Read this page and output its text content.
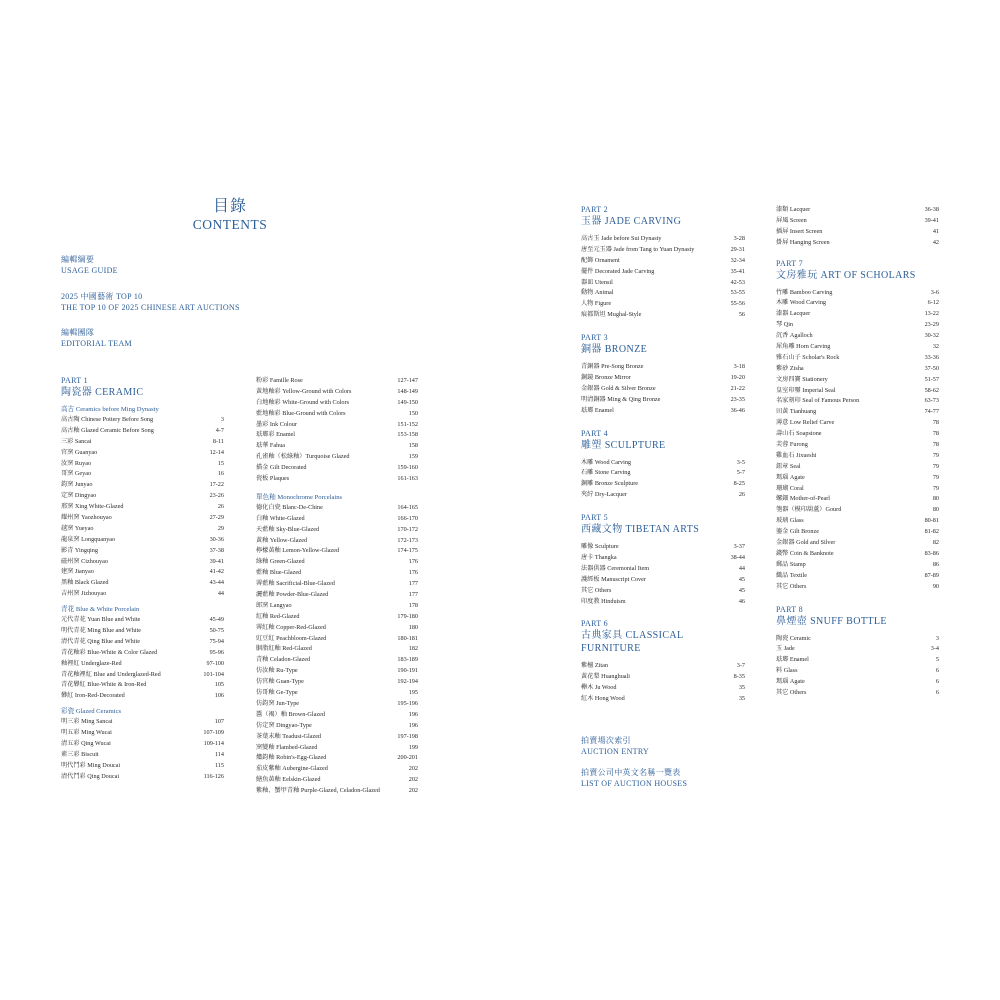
目錄
CONTENTS
編輯綱要
USAGE GUIDE
2025 中國藝術 TOP 10
THE TOP 10 OF 2025 CHINESE ART AUCTIONS
編輯團隊
EDITORIAL TEAM
PART 1
陶瓷器 CERAMIC
高古 Ceramics before Ming Dynasty
高古陶 Chinese Pottery Before Song	3
高古釉 Glazed Ceramic Before Song	4-7
三彩 Sancai	8-11
官窯 Guanyao	12-14
汝窯 Ruyao	15
哥窯 Geyao	16
鈞窯 Junyao	17-22
定窯 Dingyao	23-26
邢窯 Xing White-Glazed	26
耀州窯 Yaozhouyao	27-29
越窯 Yueyao	29
龍泉窯 Longquanyao	30-36
影青 Yingqing	37-38
磁州窯 Cizhouyao	39-41
建窯 Jianyao	41-42
黑釉 Black Glazed	43-44
吉州窯 Jizhouyao	44
青花 Blue & White Porcelain
元代青花 Yuan Blue and White	45-49
明代青花 Ming Blue and White	50-75
清代青花 Qing Blue and White	75-94
青花釉彩 Blue-White & Color Glazed	95-96
釉裡紅 Underglaze-Red	97-100
青花釉裡紅 Blue and Underglazed-Red	101-104
青花礬紅 Blue-White & Iron-Red	105
礬紅 Iron-Red-Decorated	106
彩瓷 Glazed Ceramics
明三彩 Ming Sancai	107
明五彩 Ming Wucai	107-109
清五彩 Qing Wucai	109-114
素三彩 Biscuit	114
明代鬥彩 Ming Doucai	115
清代鬥彩 Qing Doucai	116-126
粉彩 Famille Rose	127-147
黃地釉彩 Yellow-Ground with Colors	148-149
白地釉彩 White-Ground with Colors	149-150
藍地釉彩 Blue-Ground with Colors	150
墨彩 Ink Colour	151-152
琺瑯彩 Enamel	153-158
琺華 Fahua	158
孔雀釉（松綠釉）Turquoise Glazed	159
描金 Gilt Decorated	159-160
瓷板 Plaques	161-163
單色釉 Monochrome Porcelains
德化白瓷 Blanc-De-Chine	164-165
白釉 White-Glazed	166-170
天藍釉 Sky-Blue-Glazed	170-172
黃釉 Yellow-Glazed	172-173
檸檬黃釉 Lemon-Yellow-Glazed	174-175
綠釉 Green-Glazed	176
藍釉 Blue-Glazed	176
霽藍釉 Sacrificial-Blue-Glazed	177
灑藍釉 Powder-Blue-Glazed	177
郎窯 Langyao	178
紅釉 Red-Glazed	179-180
霽紅釉 Copper-Red-Glazed	180
豇豆紅 Peachbloom-Glazed	180-181
胭脂紅釉 Red-Glazed	182
青釉 Celadon-Glazed	183-189
仿汝釉 Ru-Type	190-191
仿官釉 Guan-Type	192-194
仿哥釉 Ge-Type	195
仿鈞窯 Jun-Type	195-196
醬（褐）釉 Brown-Glazed	196
仿定窯 Dingyao-Type	196
茶葉末釉 Teadust-Glazed	197-198
窯變釉 Flambed-Glazed	199
爐鈞釉 Robin's-Egg-Glazed	200-201
茄皮紫釉 Aubergine-Glazed	202
鱔魚黃釉 Eelskin-Glazed	202
紫釉、蟹甲青釉 Purple-Glazed, Celadon-Glazed	202
PART 2
玉器 JADE CARVING
高古玉 Jade before Sui Dynasty	3-28
唐至元玉器 Jade from Tang to Yuan Dynasty	29-31
配飾 Ornament	32-34
擺件 Decorated Jade Carving	35-41
器皿 Utensil	42-53
動物 Animal	53-55
人物 Figure	55-56
痕都斯坦 Mughal-Style	56
PART 3
銅器 BRONZE
青銅器 Pre-Song Bronze	3-18
銅鏡 Bronze Mirror	19-20
金銀器 Gold & Silver Bronze	21-22
明清銅器 Ming & Qing Bronze	23-35
琺瑯 Enamel	36-46
PART 4
雕塑 SCULPTURE
木雕 Wood Carving	3-5
石雕 Stone Carving	5-7
銅雕 Bronze Sculpture	8-25
夾紵 Dry-Lacquer	26
PART 5
西藏文物 TIBETAN ARTS
雕像 Sculpture	3-37
唐卡 Thangka	38-44
法器供器 Ceremonial Item	44
護經板 Manuscript Cover	45
其它 Others	45
印度教 Hinduism	46
PART 6
古典家具 CLASSICAL FURNITURE
紫檀 Zitan	3-7
黃花梨 Huanghuali	8-35
櫸木 Ju Wood	35
紅木 Hong Wood	35
拍賣場次索引
AUCTION ENTRY
拍賣公司中英文名稱一覽表
LIST OF AUCTION HOUSES
漆類 Lacquer	36-38
屏風 Screen	39-41
插屏 Insert Screen	41
掛屏 Hanging Screen	42
PART 7
文房雅玩 ART OF SCHOLARS
竹雕 Bamboo Carving	3-6
木雕 Wood Carving	6-12
漆器 Lacquer	13-22
琴 Qin	23-29
沉香 Agalloch	30-32
犀角雕 Horn Carving	32
雅石山子 Scholar's Rock	33-36
紫砂 Zisha	37-50
文房四寶 Stationery	51-57
皇室印璽 Imperial Seal	58-62
名家刻印 Seal of Famous Person	63-73
田黃 Tianhuang	74-77
薄意 Low Relief Carve	78
壽山石 Soapstone	78
芙蓉 Furong	78
雞血石 Jixueshi	79
鈕章 Seal	79
瑪瑙 Agate	79
珊瑚 Coral	79
螺鈿 Mother-of-Pearl	80
匏器（模印葫蘆）Gourd	80
玻璃 Glass	80-81
鎏金 Gilt Bronze	81-82
金銀器 Gold and Silver	82
錢幣 Coin & Banknote	83-86
郵品 Stamp	86
織品 Textile	87-89
其它 Others	90
PART 8
鼻煙壺 SNUFF BOTTLE
陶瓷 Ceramic	3
玉 Jade	3-4
琺瑯 Enamel	5
料 Glass	6
瑪瑙 Agate	6
其它 Others	6
